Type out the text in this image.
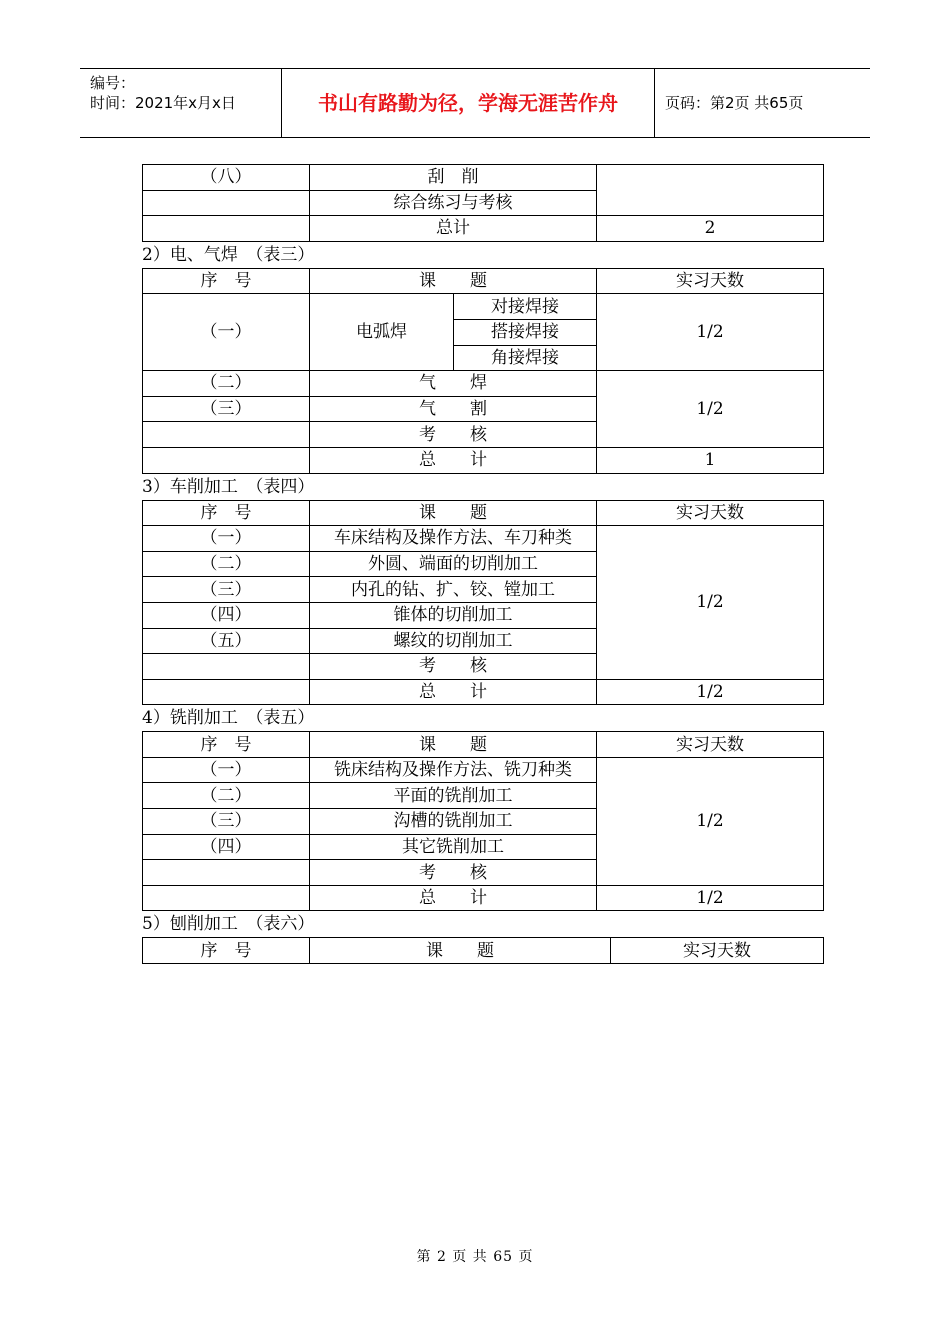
编号：
时间：2021年x月x日	书山有路勤为径，学海无涯苦作舟	页码：第2页 共65页
（八）	刮　削	
	综合练习与考核	
	总计	2
2）电、气焊　（表三）
序　号	课　　题		实习天数
（一）	电弧焊	对接焊接	1/2
		搭接焊接	
		角接焊接	
（二）	气　　焊		1/2
（三）	气　　割		
	考　　核		
	总　　计		1
3）车削加工　（表四）
序　号	课　　题	实习天数
（一）	车床结构及操作方法、车刀种类	1/2
（二）	外圆、端面的切削加工	
（三）	内孔的钻、扩、铰、镗加工	
（四）	锥体的切削加工	
（五）	螺纹的切削加工	
	考　　核	
	总　　计	1/2
4）铣削加工　（表五）
序　号	课　　题	实习天数
（一）	铣床结构及操作方法、铣刀种类	1/2
（二）	平面的铣削加工	
（三）	沟槽的铣削加工	
（四）	其它铣削加工	
	考　　核	
	总　　计	1/2
5）刨削加工　（表六）
序　号	课　　题	实习天数
第 2 页 共 65 页
